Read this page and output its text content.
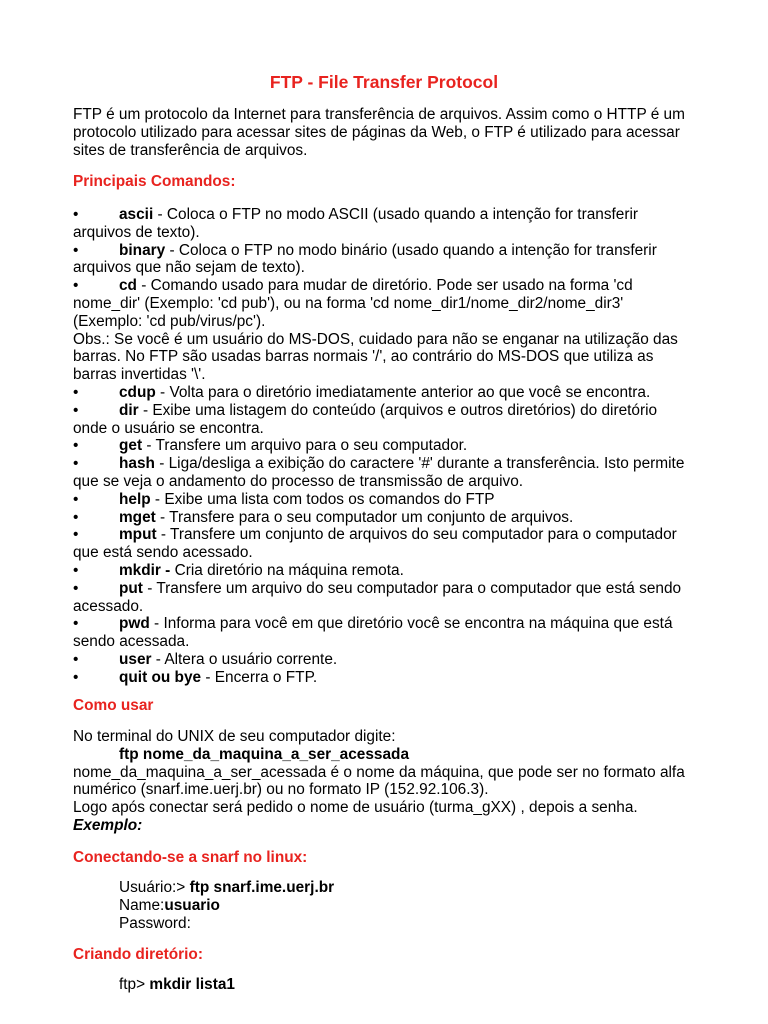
FTP - File Transfer Protocol
FTP é um protocolo da Internet para transferência de arquivos. Assim como o HTTP é um
protocolo utilizado para acessar sites de páginas da Web, o FTP é utilizado para acessar
sites de transferência de arquivos.
Principais Comandos:
•	ascii - Coloca o FTP no modo ASCII (usado quando a intenção for transferir
arquivos de texto).
•	binary - Coloca o FTP no modo binário (usado quando a intenção for transferir
arquivos que não sejam de texto).
•	cd - Comando usado para mudar de diretório. Pode ser usado na forma 'cd
nome_dir' (Exemplo: 'cd pub'), ou na forma 'cd nome_dir1/nome_dir2/nome_dir3'
(Exemplo: 'cd pub/virus/pc').
Obs.: Se você é um usuário do MS-DOS, cuidado para não se enganar na utilização das
barras. No FTP são usadas barras normais '/', ao contrário do MS-DOS que utiliza as
barras invertidas '\'.
•	cdup - Volta para o diretório imediatamente anterior ao que você se encontra.
•	dir - Exibe uma listagem do conteúdo (arquivos e outros diretórios) do diretório
onde o usuário se encontra.
•	get - Transfere um arquivo para o seu computador.
•	hash - Liga/desliga a exibição do caractere '#' durante a transferência. Isto permite
que se veja o andamento do processo de transmissão de arquivo.
•	help - Exibe uma lista com todos os comandos do FTP
•	mget - Transfere para o seu computador um conjunto de arquivos.
•	mput - Transfere um conjunto de arquivos do seu computador para o computador
que está sendo acessado.
•	mkdir - Cria diretório na máquina remota.
•	put - Transfere um arquivo do seu computador para o computador que está sendo
acessado.
•	pwd - Informa para você em que diretório você se encontra na máquina que está
sendo acessada.
•	user - Altera o usuário corrente.
•	quit ou bye - Encerra o FTP.
Como usar
No terminal do UNIX de seu computador digite:
ftp nome_da_maquina_a_ser_acessada
nome_da_maquina_a_ser_acessada é o nome da máquina, que pode ser no formato alfa
numérico (snarf.ime.uerj.br) ou no formato IP (152.92.106.3).
Logo após conectar será pedido o nome de usuário (turma_gXX) , depois a senha.
Exemplo:
Conectando-se a snarf no linux:
Usuário:> ftp snarf.ime.uerj.br
Name:usuario
Password:
Criando diretório:
ftp> mkdir lista1
